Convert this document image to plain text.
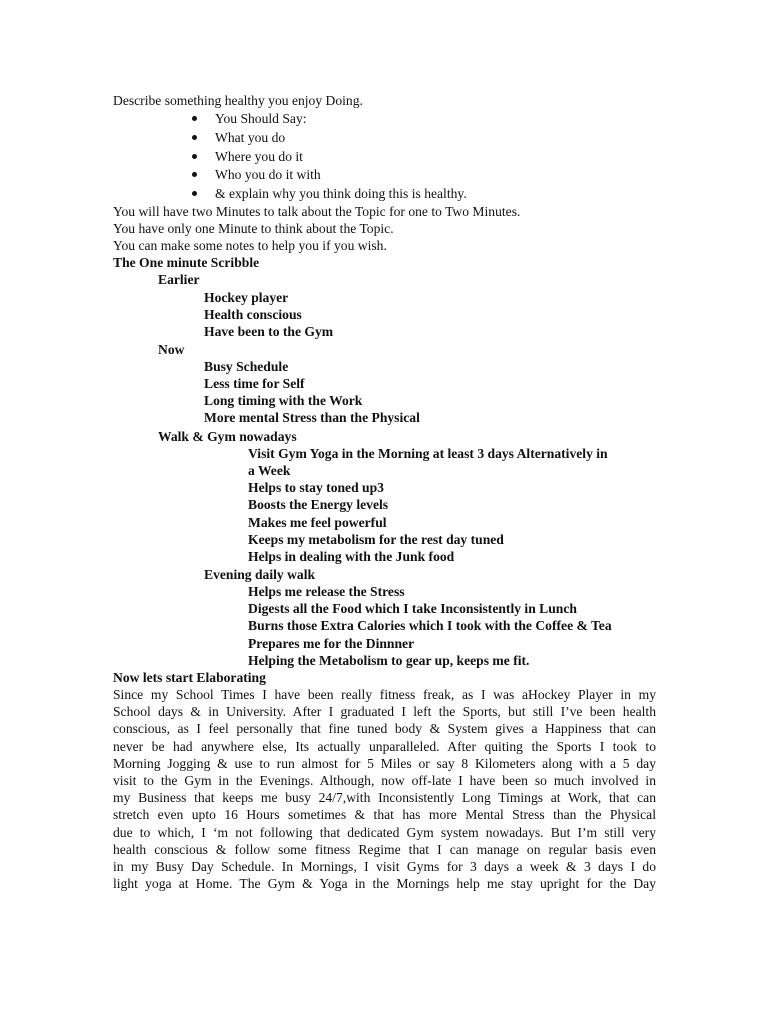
Describe something healthy you enjoy Doing.
You Should Say:
What you do
Where you do it
Who you do it with
& explain why you think doing this is healthy.
You will have two Minutes to talk about the Topic for one to Two Minutes.
You have only one Minute to think about the Topic.
You can make some notes to help you if you wish.
The One minute Scribble
Earlier
Hockey player
Health conscious
Have been to the Gym
Now
Busy Schedule
Less time for Self
Long timing with the Work
More mental Stress than the Physical
Walk & Gym nowadays
Visit Gym Yoga in the Morning at least 3 days Alternatively in
a Week
Helps to stay toned up3
Boosts the Energy levels
Makes me feel powerful
Keeps my metabolism for the rest day tuned
Helps in dealing with the Junk food
Evening daily walk
Helps me release the Stress
Digests all the Food which I take Inconsistently in Lunch
Burns those Extra Calories which I took with the Coffee & Tea
Prepares me for the Dinnner
Helping the Metabolism to gear up, keeps me fit.
Now lets start Elaborating
Since my School Times I have been really fitness freak, as I was aHockey Player in my
School days & in University. After I graduated I left the Sports, but still I’ve been health
conscious, as I feel personally that fine tuned body & System gives a Happiness that can
never be had anywhere else, Its actually unparalleled. After quiting the Sports I took to
Morning Jogging & use to run almost for 5 Miles or say 8 Kilometers along with a 5 day
visit to the Gym in the Evenings. Although, now off-late I have been so much involved in
my Business that keeps me busy 24/7,with Inconsistently Long Timings at Work, that can
stretch even upto 16 Hours sometimes & that has more Mental Stress than the Physical
due to which, I ‘m not following that dedicated Gym system nowadays. But I’m still very
health conscious & follow some fitness Regime that I can manage on regular basis even
in my Busy Day Schedule. In Mornings, I visit Gyms for 3 days a week & 3 days I do
light yoga at Home. The Gym & Yoga in the Mornings help me stay upright for the Day
